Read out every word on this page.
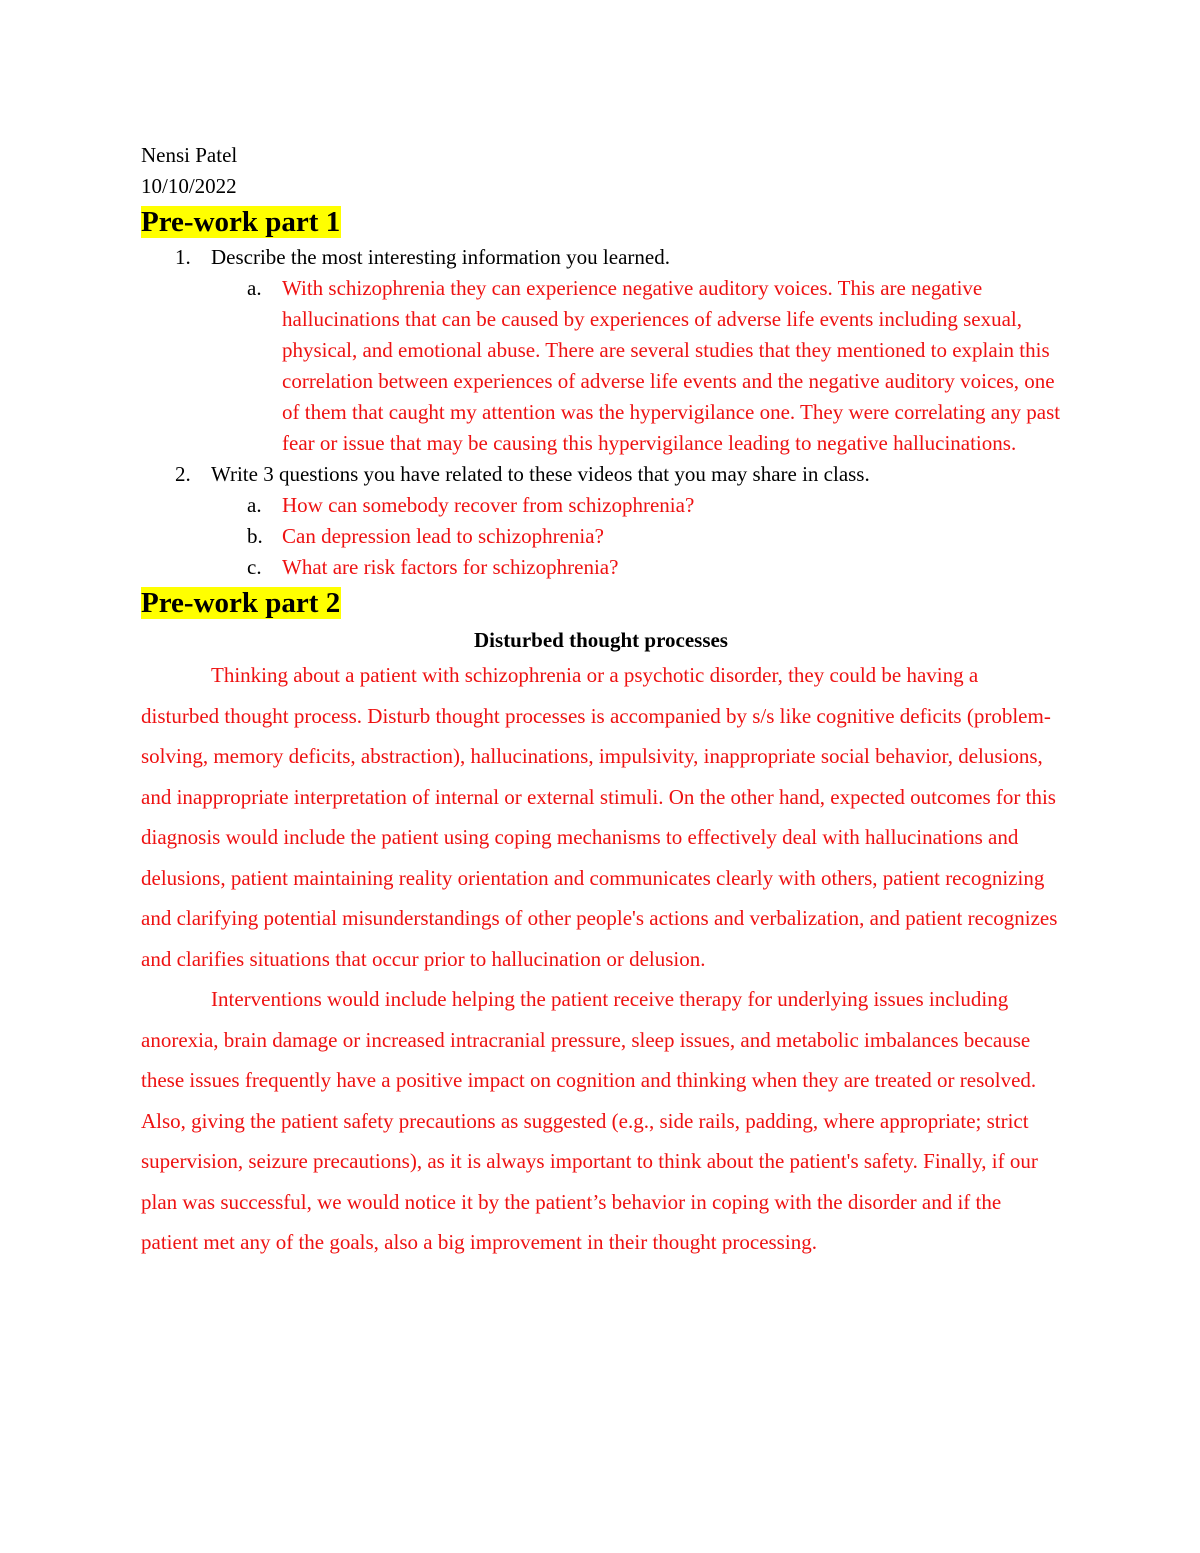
Nensi Patel
10/10/2022
Pre-work part 1
1. Describe the most interesting information you learned.
a. With schizophrenia they can experience negative auditory voices. This are negative hallucinations that can be caused by experiences of adverse life events including sexual, physical, and emotional abuse. There are several studies that they mentioned to explain this correlation between experiences of adverse life events and the negative auditory voices, one of them that caught my attention was the hypervigilance one. They were correlating any past fear or issue that may be causing this hypervigilance leading to negative hallucinations.
2. Write 3 questions you have related to these videos that you may share in class.
a. How can somebody recover from schizophrenia?
b. Can depression lead to schizophrenia?
c. What are risk factors for schizophrenia?
Pre-work part 2
Disturbed thought processes

Thinking about a patient with schizophrenia or a psychotic disorder, they could be having a disturbed thought process. Disturb thought processes is accompanied by s/s like cognitive deficits (problem-solving, memory deficits, abstraction), hallucinations, impulsivity, inappropriate social behavior, delusions, and inappropriate interpretation of internal or external stimuli. On the other hand, expected outcomes for this diagnosis would include the patient using coping mechanisms to effectively deal with hallucinations and delusions, patient maintaining reality orientation and communicates clearly with others, patient recognizing and clarifying potential misunderstandings of other people's actions and verbalization, and patient recognizes and clarifies situations that occur prior to hallucination or delusion.

Interventions would include helping the patient receive therapy for underlying issues including anorexia, brain damage or increased intracranial pressure, sleep issues, and metabolic imbalances because these issues frequently have a positive impact on cognition and thinking when they are treated or resolved. Also, giving the patient safety precautions as suggested (e.g., side rails, padding, where appropriate; strict supervision, seizure precautions), as it is always important to think about the patient's safety. Finally, if our plan was successful, we would notice it by the patient’s behavior in coping with the disorder and if the patient met any of the goals, also a big improvement in their thought processing.
